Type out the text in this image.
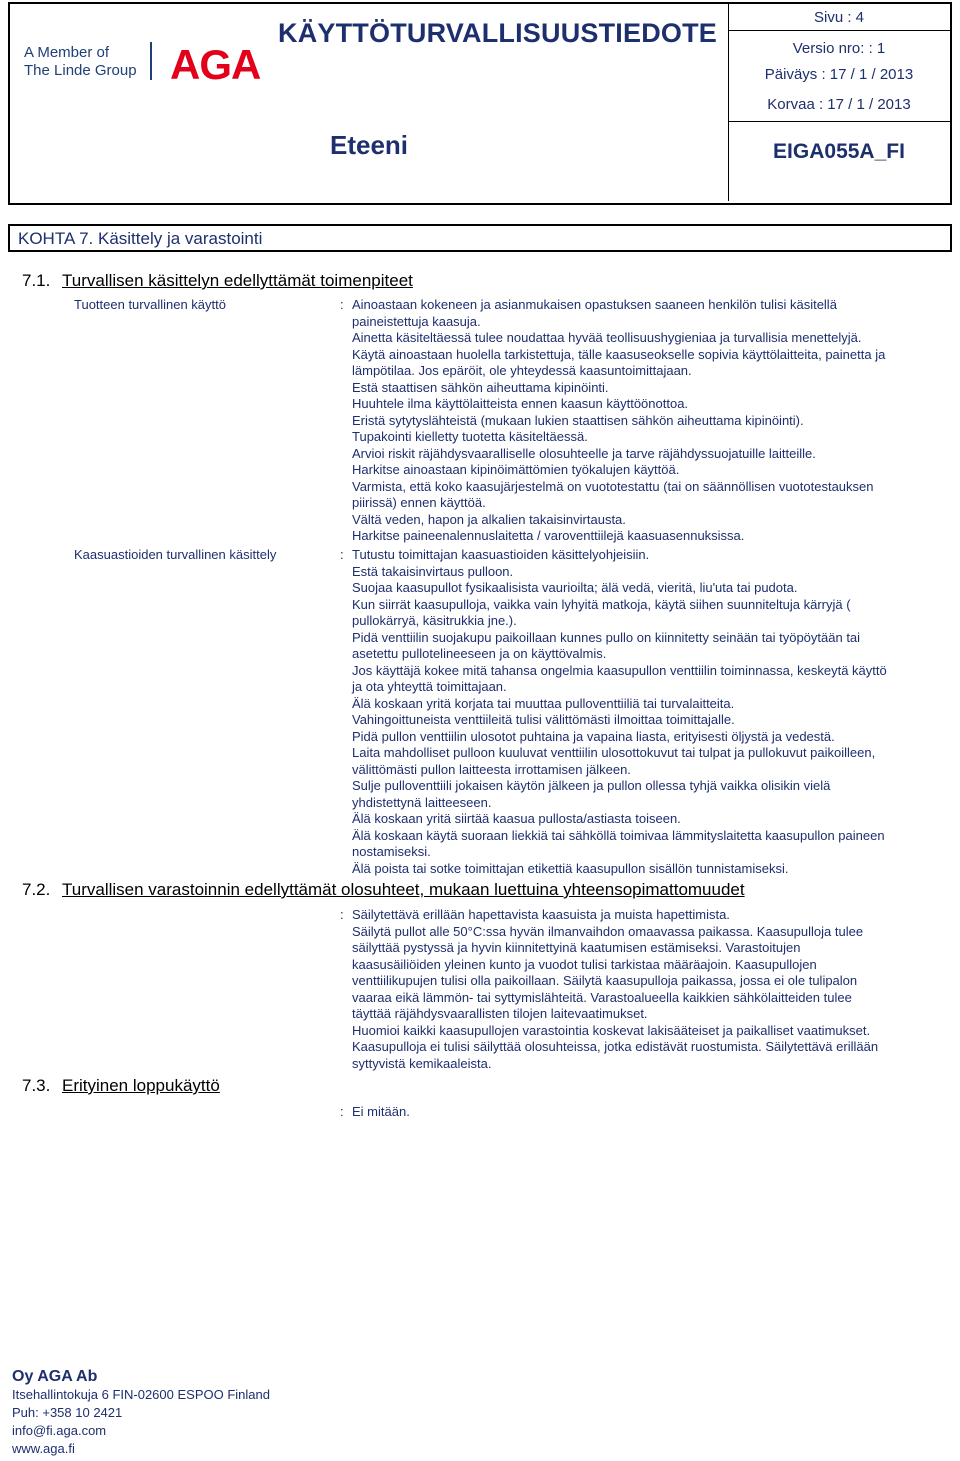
A Member of
The Linde Group AGA
KÄYTTÖTURVALLISUUSTIEDOTE
Eteeni
Sivu : 4
Versio nro: : 1
Päiväys : 17 / 1 / 2013
Korvaa : 17 / 1 / 2013
EIGA055A_FI
KOHTA 7. Käsittely ja varastointi
7.1. Turvallisen käsittelyn edellyttämät toimenpiteet
Tuotteen turvallinen käyttö	: Ainoastaan kokeneen ja asianmukaisen opastuksen saaneen henkilön tulisi käsitellä
paineistettuja kaasuja.
Ainetta käsiteltäessä tulee noudattaa hyvää teollisuushygieniaa ja turvallisia menettelyjä.
Käytä ainoastaan huolella tarkistettuja, tälle kaasuseokselle sopivia käyttölaitteita, painetta ja
lämpötilaa. Jos epäröit, ole yhteydessä kaasuntoimittajaan.
Estä staattisen sähkön aiheuttama kipinöinti.
Huuhtele ilma käyttölaitteista ennen kaasun käyttöönottoa.
Eristä sytytyslähteistä (mukaan lukien staattisen sähkön aiheuttama kipinöinti).
Tupakointi kielletty tuotetta käsiteltäessä.
Arvioi riskit räjähdysvaaralliselle olosuhteelle ja tarve räjähdyssuojatuille laitteille.
Harkitse ainoastaan kipinöimättömien työkalujen käyttöä.
Varmista, että koko kaasujärjestelmä on vuototestattu (tai on säännöllisen vuototestauksen
piirissä) ennen käyttöä.
Vältä veden, hapon ja alkalien takaisinvirtausta.
Harkitse paineenalennuslaitetta / varoventtiilejä kaasuasennuksissa.
Kaasuastioiden turvallinen käsittely	: Tutustu toimittajan kaasuastioiden käsittelyohjeisiin.
Estä takaisinvirtaus pulloon.
Suojaa kaasupullot fysikaalisista vaurioilta; älä vedä, vieritä, liu'uta tai pudota.
Kun siirrät kaasupulloja, vaikka vain lyhyitä matkoja, käytä siihen suunniteltuja kärryjä (
pullokärryä, käsitrukkia jne.).
Pidä venttiilin suojakupu paikoillaan kunnes pullo on kiinnitetty seinään tai työpöytään tai
asetettu pullotelineeseen ja on käyttövalmis.
Jos käyttäjä kokee mitä tahansa ongelmia kaasupullon venttiilin toiminnassa, keskeytä käyttö
ja ota yhteyttä toimittajaan.
Älä koskaan yritä korjata tai muuttaa pulloventtiiliä tai turvalaitteita.
Vahingoittuneista venttiileitä tulisi välittömästi ilmoittaa toimittajalle.
Pidä pullon venttiilin ulosotot puhtaina ja vapaina liasta, erityisesti öljystä ja vedestä.
Laita mahdolliset pulloon kuuluvat venttiilin ulosottokuvut tai tulpat ja pullokuvut paikoilleen,
välittömästi pullon laitteesta irrottamisen jälkeen.
Sulje pulloventtiili jokaisen käytön jälkeen ja pullon ollessa tyhjä vaikka olisikin vielä
yhdistettynä laitteeseen.
Älä koskaan yritä siirtää kaasua pullosta/astiasta toiseen.
Älä koskaan käytä suoraan liekkiä tai sähköllä toimivaa lämmityslaitetta kaasupullon paineen
nostamiseksi.
Älä poista tai sotke toimittajan etikettiä kaasupullon sisällön tunnistamiseksi.
7.2. Turvallisen varastoinnin edellyttämät olosuhteet, mukaan luettuina yhteensopimattomuudet
: Säilytettävä erillään hapettavista kaasuista ja muista hapettimista.
Säilytä pullot alle 50°C:ssa hyvän ilmanvaihdon omaavassa paikassa. Kaasupulloja tulee
säilyttää pystyssä ja hyvin kiinnitettyinä kaatumisen estämiseksi. Varastoitujen
kaasusäiliöiden yleinen kunto ja vuodot tulisi tarkistaa määräajoin. Kaasupullojen
venttiilikupujen tulisi olla paikoillaan. Säilytä kaasupulloja paikassa, jossa ei ole tulipalon
vaaraa eikä lämmön- tai syttymislähteitä. Varastoalueella kaikkien sähkölaitteiden tulee
täyttää räjähdysvaarallisten tilojen laitevaatimukset.
Huomioi kaikki kaasupullojen varastointia koskevat lakisääteiset ja paikalliset vaatimukset.
Kaasupulloja ei tulisi säilyttää olosuhteissa, jotka edistävät ruostumista. Säilytettävä erillään
syttyvistä kemikaaleista.
7.3. Erityinen loppukäyttö
: Ei mitään.
Oy AGA Ab
Itsehallintokuja 6 FIN-02600 ESPOO Finland
Puh: +358 10 2421
info@fi.aga.com
www.aga.fi
